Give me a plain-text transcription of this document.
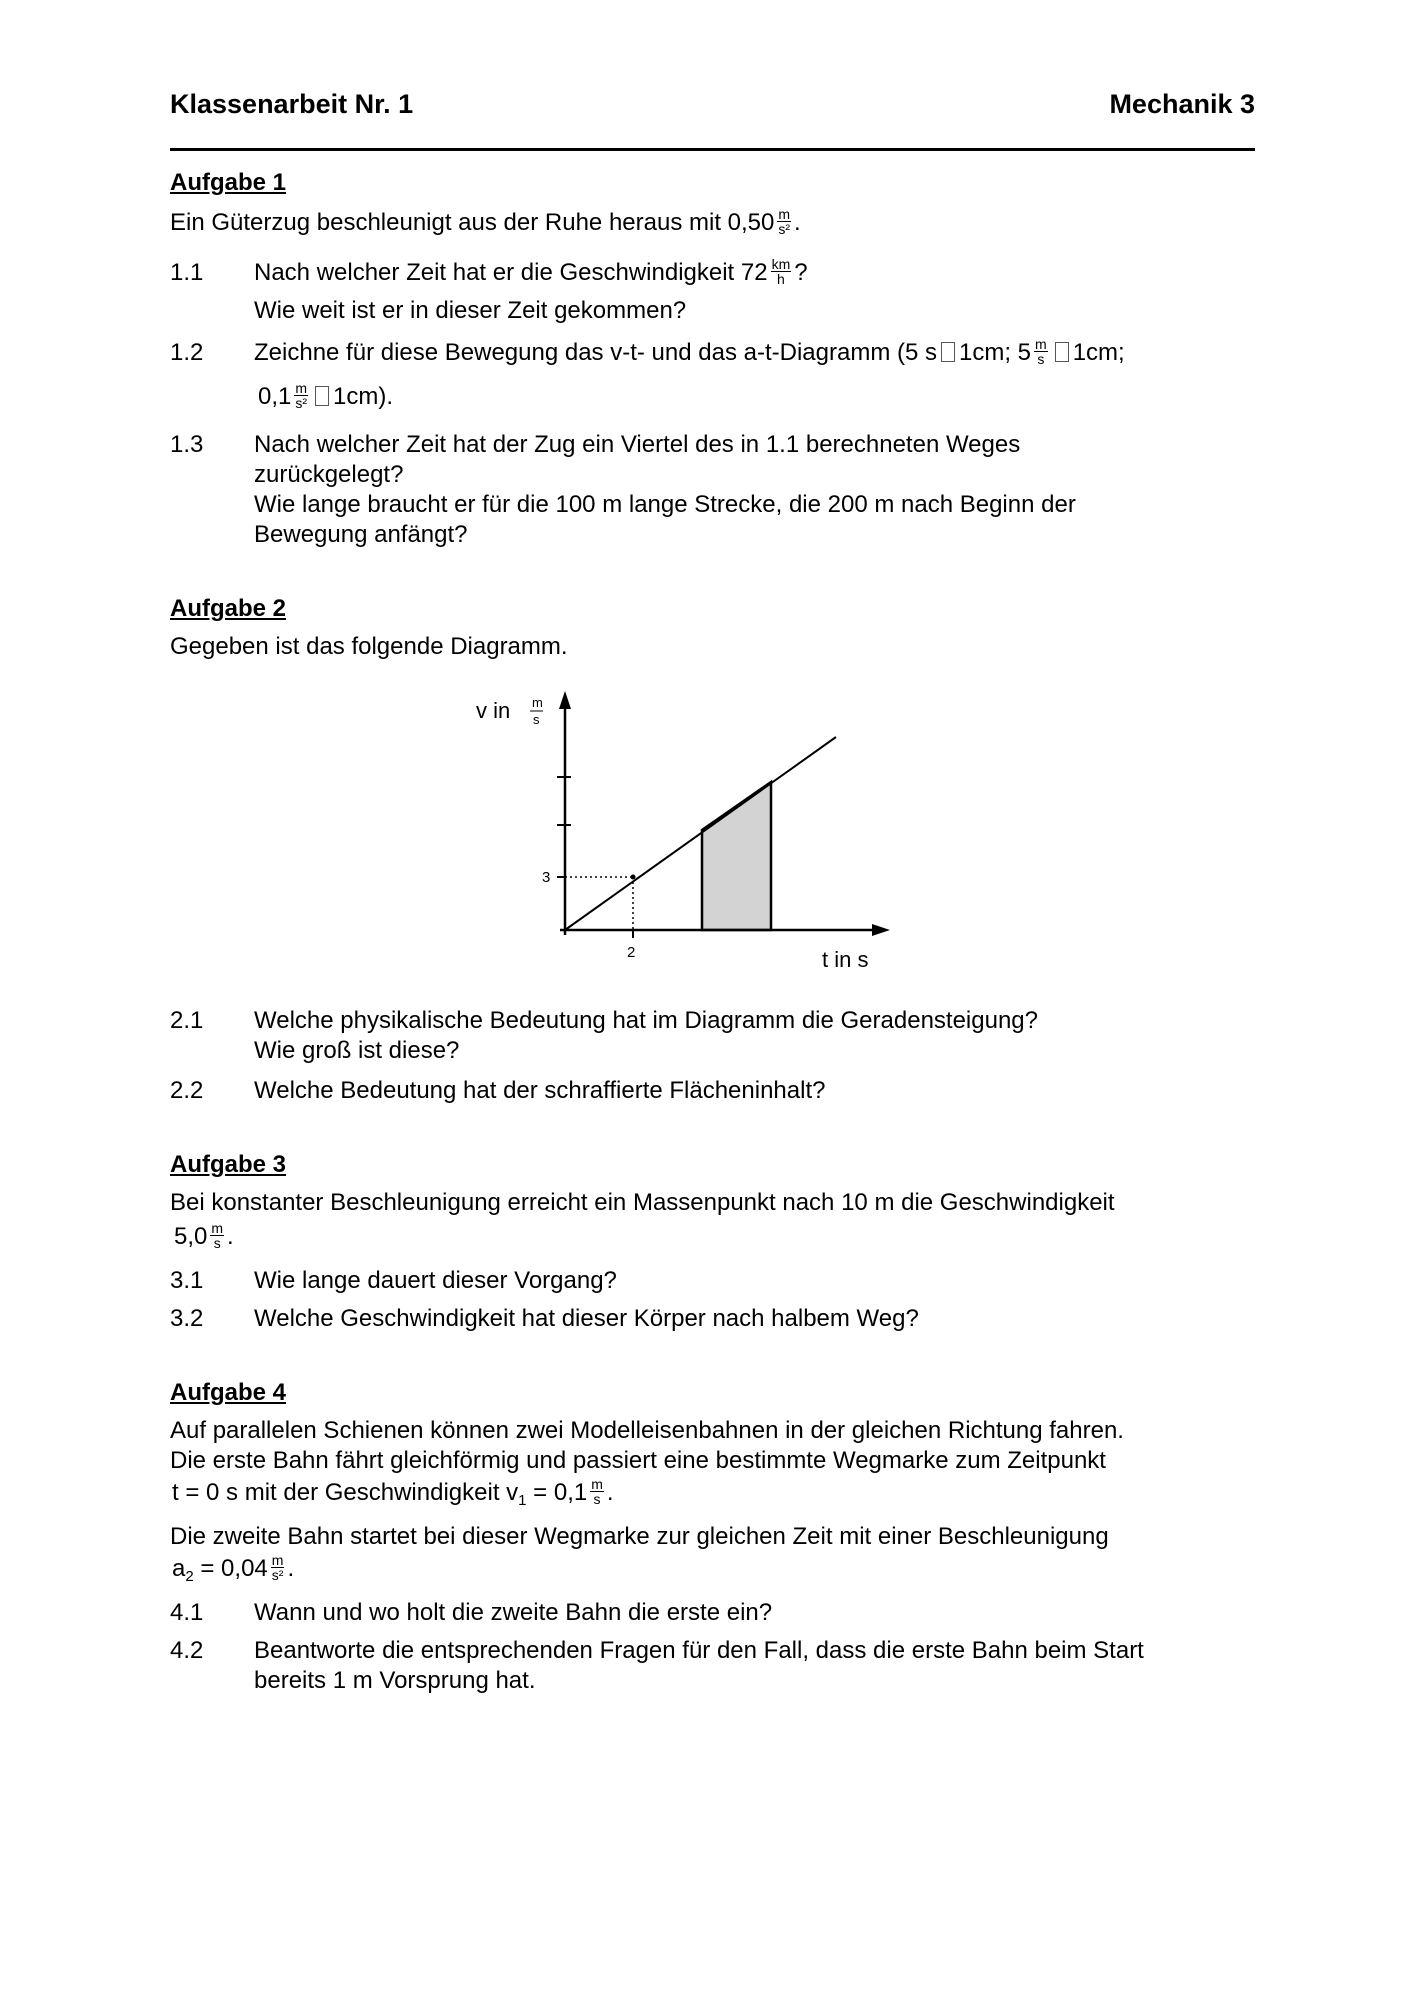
Klassenarbeit Nr. 1	Mechanik 3
Aufgabe 1
Ein Güterzug beschleunigt aus der Ruhe heraus mit $0,50 \frac{m}{\text{s²}}$ .
1.1 Nach welcher Zeit hat er die Geschwindigkeit $72 \frac{km}{h}$ ?
Wie weit ist er in dieser Zeit gekommen?
1.2 Zeichne für diese Bewegung das v-t- und das a-t-Diagramm (5 s 1cm; $5 \frac{m}{s} 1cm$;
$0,1 \frac{m}{\text{s²}} 1cm$).
1.3 Nach welcher Zeit hat der Zug ein Viertel des in 1.1 berechneten Weges
zurückgelegt?
Wie lange braucht er für die 100 m lange Strecke, die 200 m nach Beginn der
Bewegung anfängt?
Aufgabe 2
Gegeben ist das folgende Diagramm.
2.1 Welche physikalische Bedeutung hat im Diagramm die Geradensteigung?
Wie groß ist diese?
2.2 Welche Bedeutung hat der schraffierte Flächeninhalt?
Aufgabe 3
Bei konstanter Beschleunigung erreicht ein Massenpunkt nach 10 m die Geschwindigkeit
$5,0 \frac{m}{s}$ .
3.1 Wie lange dauert dieser Vorgang?
3.2 Welche Geschwindigkeit hat dieser Körper nach halbem Weg?
Aufgabe 4
Auf parallelen Schienen können zwei Modelleisenbahnen in der gleichen Richtung fahren.
Die erste Bahn fährt gleichförmig und passiert eine bestimmte Wegmarke zum Zeitpunkt
t = 0 s mit der Geschwindigkeit $v_1 = 0,1 \frac{m}{s}$ .
Die zweite Bahn startet bei dieser Wegmarke zur gleichen Zeit mit einer Beschleunigung
$a_2 = 0,04 \frac{m}{\text{s²}}$ .
4.1 Wann und wo holt die zweite Bahn die erste ein?
4.2 Beantworte die entsprechenden Fragen für den Fall, dass die erste Bahn beim Start
bereits 1 m Vorsprung hat.
v in m
s
3
2	t in s
